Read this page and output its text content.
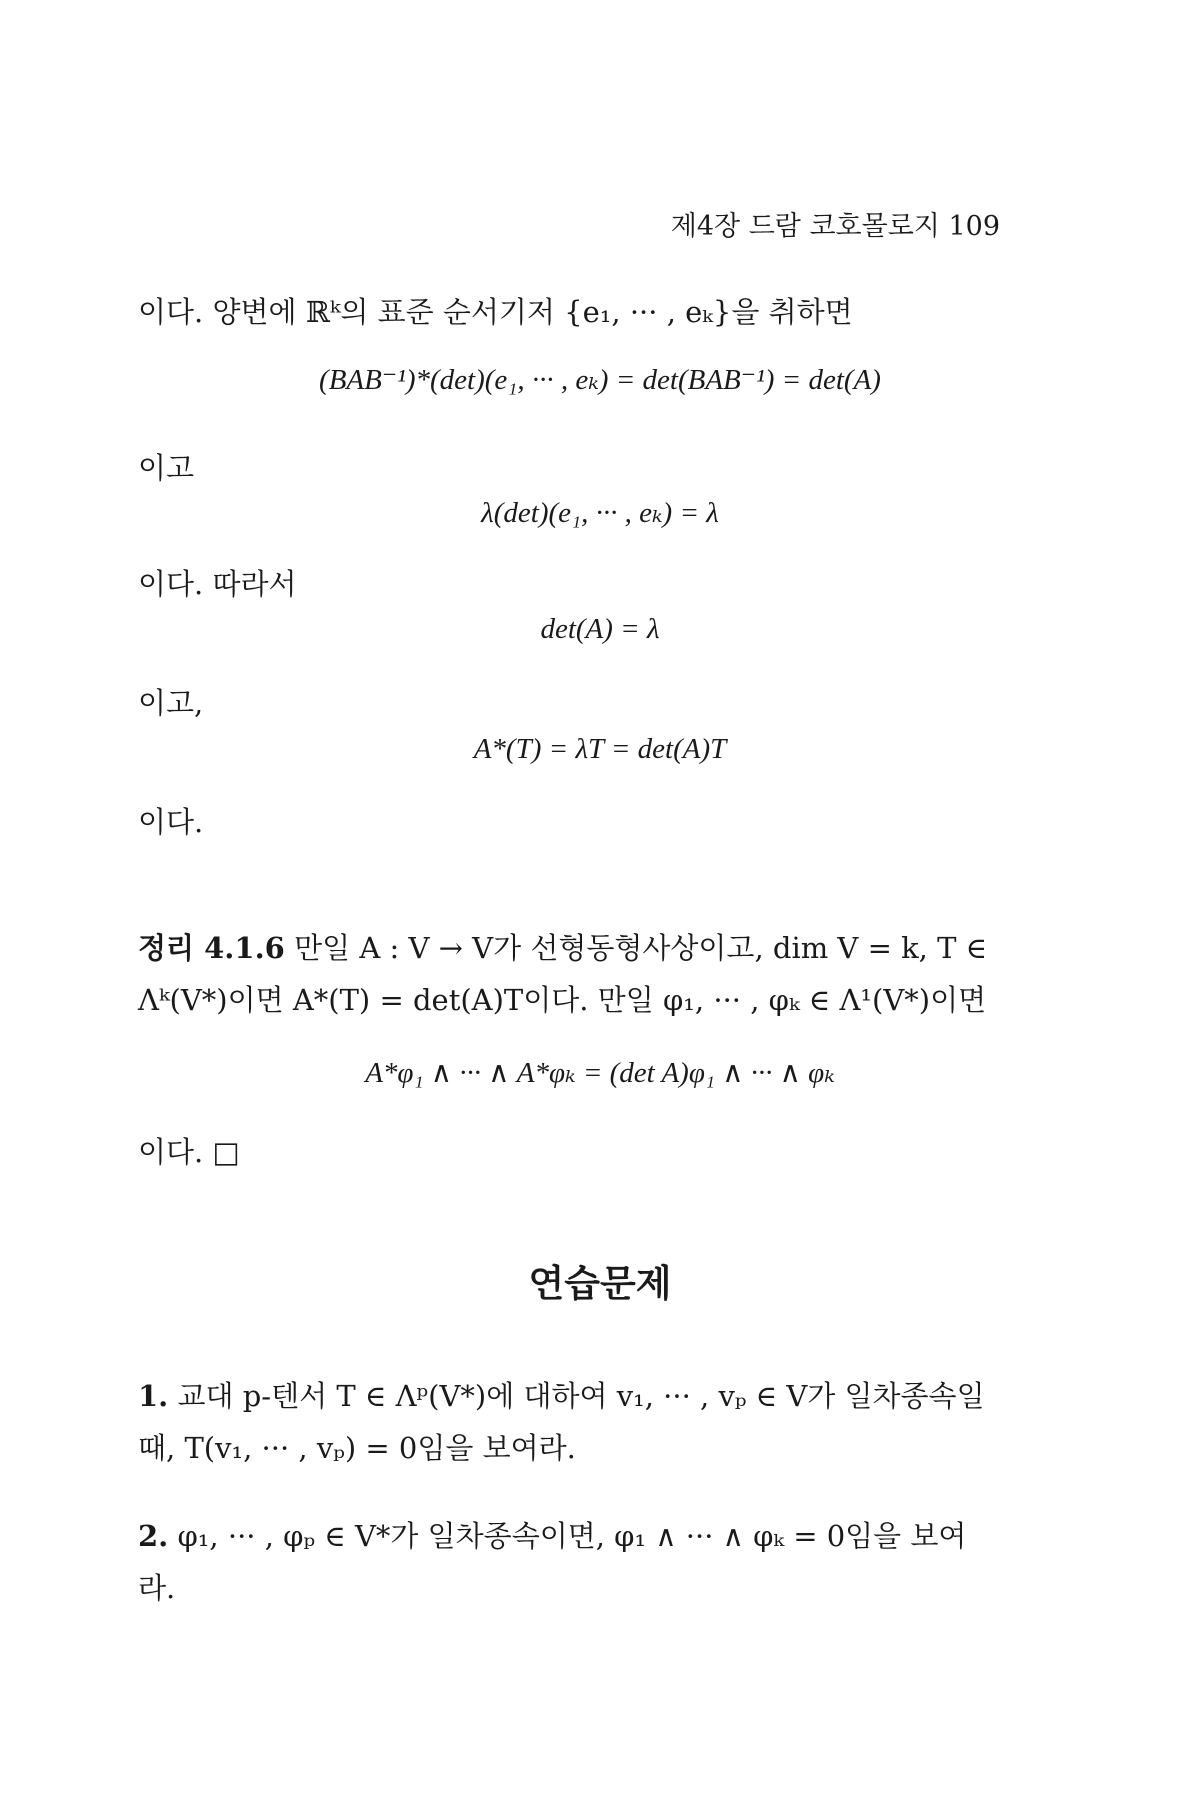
제4장 드람 코호몰로지 109
이다. 양변에 ℝᵏ의 표준 순서기저 {e₁, ··· , eₖ}을 취하면
(BAB⁻¹)*(det)(e₁, ··· , eₖ) = det(BAB⁻¹) = det(A)
이고
λ(det)(e₁, ··· , eₖ) = λ
이다. 따라서
det(A) = λ
이고,
A*(T) = λT = det(A)T
이다.
정리 4.1.6 만일 A : V → V가 선형동형사상이고, dim V = k, T ∈
Λᵏ(V*)이면 A*(T) = det(A)T이다. 만일 φ₁, ··· , φₖ ∈ Λ¹(V*)이면
A*φ₁ ∧ ··· ∧ A*φₖ = (det A)φ₁ ∧ ··· ∧ φₖ
이다. □
연습문제
1. 교대 p-텐서 T ∈ Λᵖ(V*)에 대하여 v₁, ··· , vₚ ∈ V가 일차종속일
때, T(v₁, ··· , vₚ) = 0임을 보여라.
2. φ₁, ··· , φₚ ∈ V*가 일차종속이면, φ₁ ∧ ··· ∧ φₖ = 0임을 보여
라.
